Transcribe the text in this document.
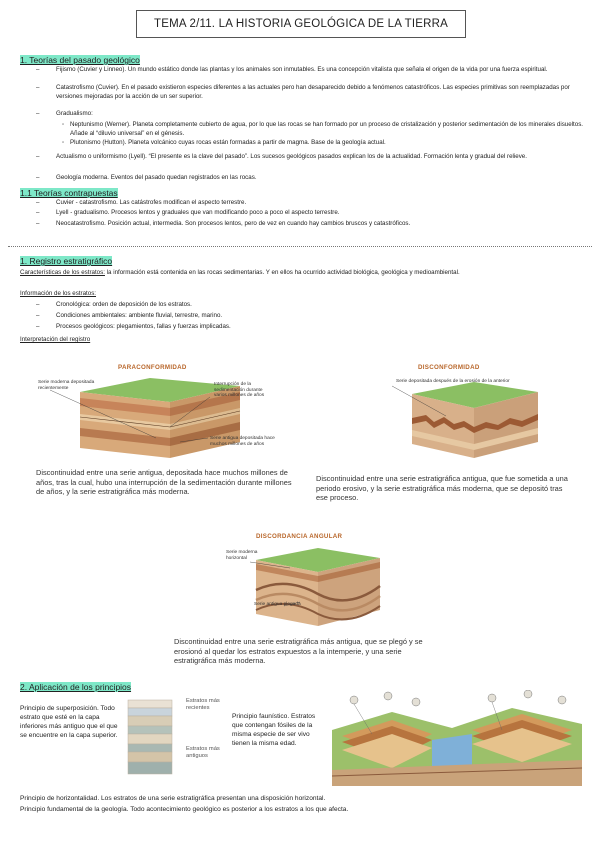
TEMA 2/11. LA HISTORIA GEOLÓGICA DE LA TIERRA
1. Teorías del pasado geológico
–	Fijismo (Cuvier y Linneo). Un mundo estático donde las plantas y los animales son inmutables. Es una concepción vitalista que señala el origen de la vida por una fuerza espiritual.
–	Catastrofismo (Cuvier). En el pasado existieron especies diferentes a las actuales pero han desaparecido debido a fenómenos catastróficos. Las especies primitivas son reemplazadas por versiones mejoradas por la acción de un ser superior.
–	Gradualismo:
◦ Neptunismo (Werner). Planeta completamente cubierto de agua, por lo que las rocas se han formado por un proceso de cristalización y posterior sedimentación de los minerales disueltos. Añade al “diluvio universal” en el génesis.
◦ Plutonismo (Hutton). Planeta volcánico cuyas rocas están formadas a partir de magma. Base de la geología actual.
–	Actualismo o uniformismo (Lyell). “El presente es la clave del pasado”. Los sucesos geológicos pasados explican los de la actualidad. Formación lenta y gradual del relieve.
–	Geología moderna. Eventos del pasado quedan registrados en las rocas.
1.1 Teorías contrapuestas
–	Cuvier - catastrofismo. Las catástrofes modifican el aspecto terrestre.
–	Lyell - gradualismo. Procesos lentos y graduales que van modificando poco a poco el aspecto terrestre.
–	Neocatastrofismo. Posición actual, intermedia. Son procesos lentos, pero de vez en cuando hay cambios bruscos y catastróficos.
1. Registro estratigráfico
Características de los estratos: la información está contenida en las rocas sedimentarias. Y en ellos ha ocurrido actividad biológica, geológica y medioambiental.
Información de los estratos:
–	Cronológica: orden de deposición de los estratos.
–	Condiciones ambientales: ambiente fluvial, terrestre, marino.
–	Procesos geológicos: plegamientos, fallas y fuerzas implicadas.
Interpretación del registro
PARACONFORMIDAD
Serie moderna depositada recientemente
Interrupción de la sedimentación durante varios millones de años
Serie antigua depositada hace muchos millones de años
Discontinuidad entre una serie antigua, depositada hace muchos millones de años, tras la cual, hubo una interrupción de la sedimentación durante millones de años, y la serie estratigráfica más moderna.
DISCONFORMIDAD
Serie depositada después de la erosión de la anterior
Discontinuidad entre una serie estratigráfica antigua, que fue sometida a una periodo erosivo, y la serie estratigráfica más moderna, que se depositó tras ese proceso.
DISCORDANCIA ANGULAR
Serie moderna horizontal
Serie antigua plegada
Discontinuidad entre una serie estratigráfica más antigua, que se plegó y se erosionó al quedar los estratos expuestos a la intemperie, y una serie estratigráfica más moderna.
2. Aplicación de los principios
Principio de superposición. Todo estrato que esté en la capa inferiores más antiguo que el que se encuentre en la capa superior.
Estratos más recientes
Estratos más antiguos
Principio faunístico. Estratos que contengan fósiles de la misma especie de ser vivo tienen la misma edad.
Principio de horizontalidad. Los estratos de una serie estratigráfica presentan una disposición horizontal.
Principio fundamental de la geología. Todo acontecimiento geológico es posterior a los estratos a los que afecta.
